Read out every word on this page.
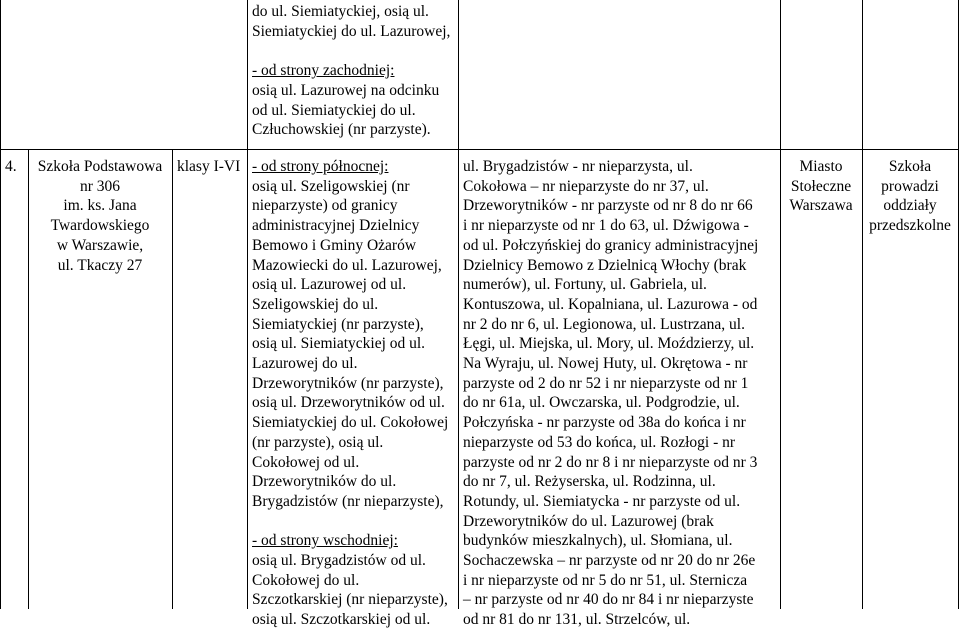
do ul. Siemiatyckiej, osią ul.
Siemiatyckiej do ul. Lazurowej,

- od strony zachodniej:
osią ul. Lazurowej na odcinku
od ul. Siemiatyckiej do ul.
Człuchowskiej (nr parzyste).
4.	Szkoła Podstawowa
nr 306
im. ks. Jana
Twardowskiego
w Warszawie,
ul. Tkaczy 27
klasy I-VI - od strony północnej:
osią ul. Szeligowskiej (nr
nieparzyste) od granicy
administracyjnej Dzielnicy
Bemowo i Gminy Ożarów
Mazowiecki do ul. Lazurowej,
osią ul. Lazurowej od ul.
Szeligowskiej do ul.
Siemiatyckiej (nr parzyste),
osią ul. Siemiatyckiej od ul.
Lazurowej do ul.
Drzeworytników (nr parzyste),
osią ul. Drzeworytników od ul.
Siemiatyckiej do ul. Cokołowej
(nr parzyste), osią ul.
Cokołowej od ul.
Drzeworytników do ul.
Brygadzistów (nr nieparzyste),

- od strony wschodniej:
osią ul. Brygadzistów od ul.
Cokołowej do ul.
Szczotkarskiej (nr nieparzyste),
osią ul. Szczotkarskiej od ul.
ul. Brygadzistów - nr nieparzysta, ul.
Cokołowa – nr nieparzyste do nr 37, ul.
Drzeworytników - nr parzyste od nr 8 do nr 66
i nr nieparzyste od nr 1 do 63, ul. Dźwigowa -
od ul. Połczyńskiej do granicy administracyjnej
Dzielnicy Bemowo z Dzielnicą Włochy (brak
numerów), ul. Fortuny, ul. Gabriela, ul.
Kontuszowa, ul. Kopalniana, ul. Lazurowa - od
nr 2 do nr 6, ul. Legionowa, ul. Lustrzana, ul.
Łęgi, ul. Miejska, ul. Mory, ul. Moździerzy, ul.
Na Wyraju, ul. Nowej Huty, ul. Okrętowa - nr
parzyste od 2 do nr 52 i nr nieparzyste od nr 1
do nr 61a, ul. Owczarska, ul. Podgrodzie, ul.
Połczyńska - nr parzyste od 38a do końca i nr
nieparzyste od 53 do końca, ul. Rozłogi - nr
parzyste od nr 2 do nr 8 i nr nieparzyste od nr 3
do nr 7, ul. Reżyserska, ul. Rodzinna, ul.
Rotundy, ul. Siemiatycka - nr parzyste od ul.
Drzeworytników do ul. Lazurowej (brak
budynków mieszkalnych), ul. Słomiana, ul.
Sochaczewska – nr parzyste od nr 20 do nr 26e
i nr nieparzyste od nr 5 do nr 51, ul. Sternicza
– nr parzyste od nr 40 do nr 84 i nr nieparzyste
od nr 81 do nr 131, ul. Strzelców, ul.
Miasto
Stołeczne
Warszawa
Szkoła
prowadzi
oddziały
przedszkolne
